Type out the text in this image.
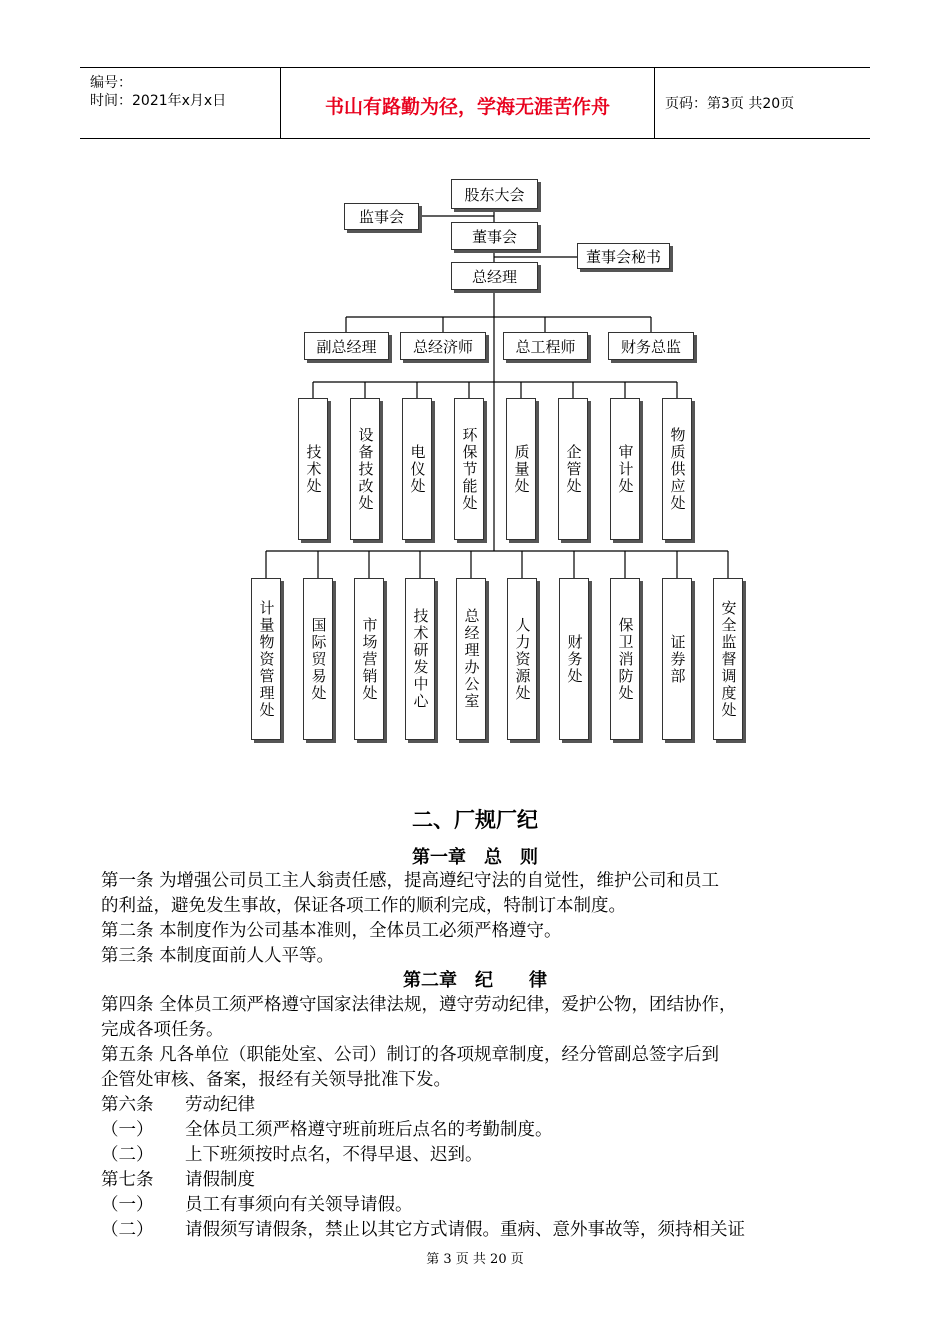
编号：
时间：2021年x月x日	书山有路勤为径，学海无涯苦作舟	页码：第3页 共20页
股东大会
监事会
董事会
董事会秘书
总经理
副总经理	总经济师	总工程师	财务总监
技术处	设备技改处	电仪处	环保节能处	质量处	企管处	审计处	物质供应处
计量物资管理处	国际贸易处	市场营销处	技术研发中心	总经理办公室	人力资源处	财务处	保卫消防处	证券部	安全监督调度处
二、厂规厂纪
第一章　总　则
第一条 为增强公司员工主人翁责任感，提高遵纪守法的自觉性，维护公司和员工
的利益，避免发生事故，保证各项工作的顺利完成，特制订本制度。
第二条 本制度作为公司基本准则，全体员工必须严格遵守。
第三条 本制度面前人人平等。
第二章　纪　　律
第四条 全体员工须严格遵守国家法律法规，遵守劳动纪律，爱护公物，团结协作，
完成各项任务。
第五条 凡各单位（职能处室、公司）制订的各项规章制度，经分管副总签字后到
企管处审核、备案，报经有关领导批准下发。
第六条	劳动纪律
（一）	全体员工须严格遵守班前班后点名的考勤制度。
（二）	上下班须按时点名，不得早退、迟到。
第七条	请假制度
（一）	员工有事须向有关领导请假。
（二）	请假须写请假条，禁止以其它方式请假。重病、意外事故等，须持相关证
第 3 页 共 20 页
